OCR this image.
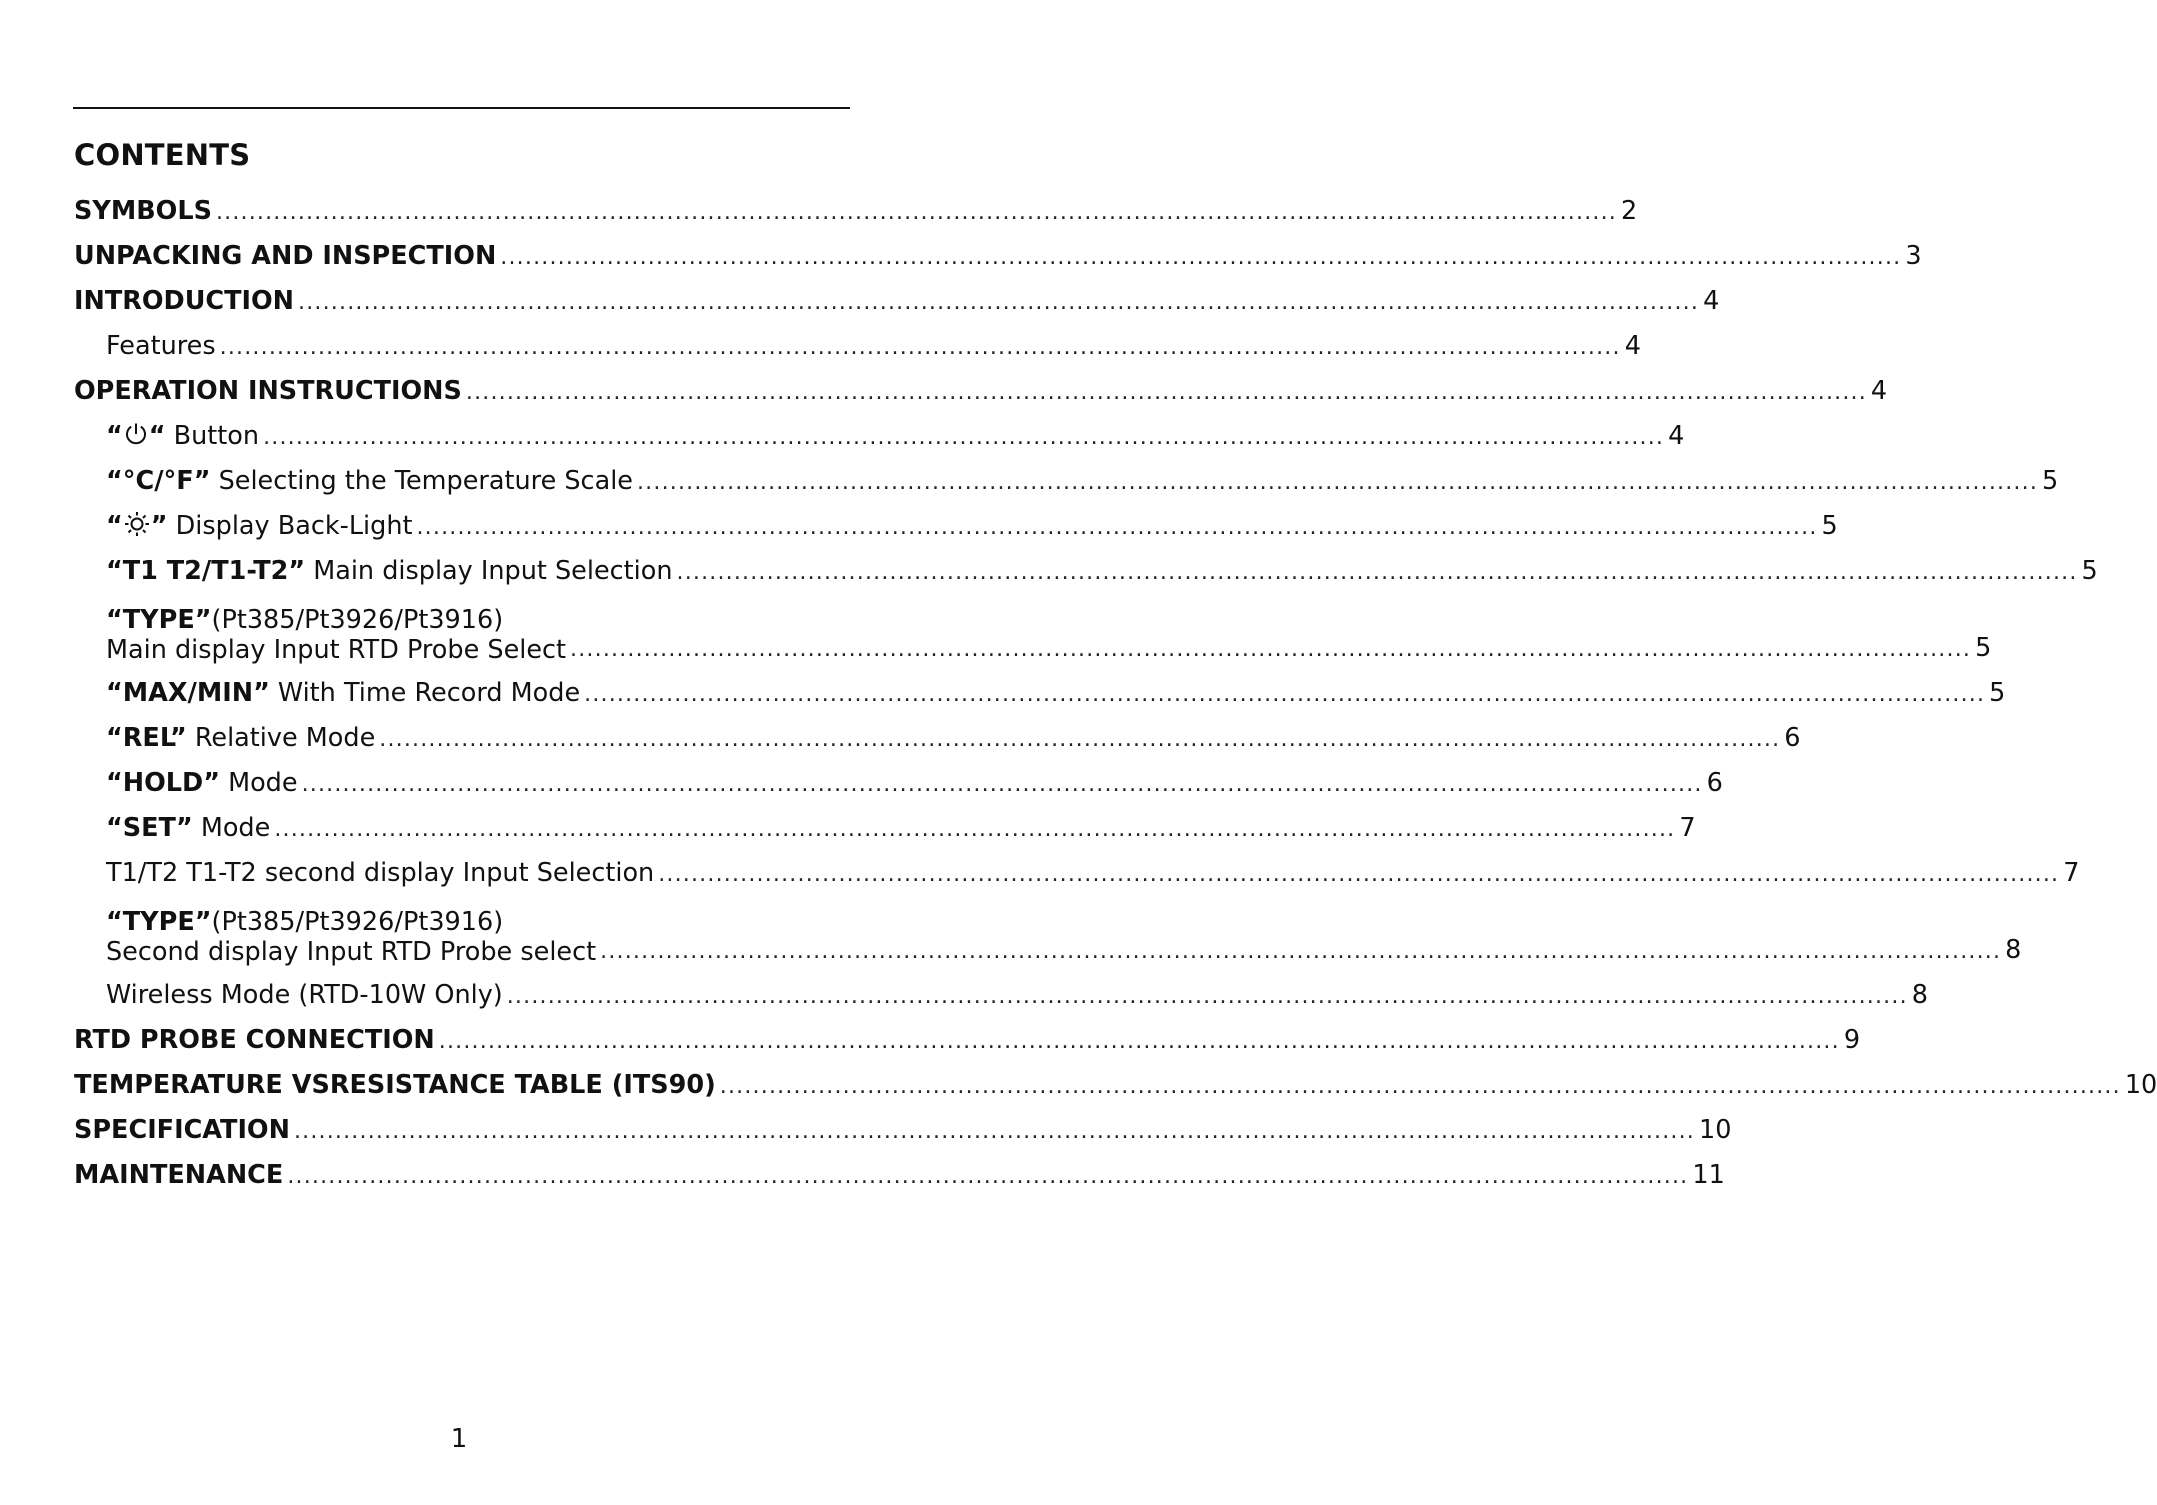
CONTENTS
SYMBOLS ........................................................................................................................................................................... 2
UNPACKING AND INSPECTION ........................................................................................................................................................................... 3
INTRODUCTION ........................................................................................................................................................................... 4
Features ........................................................................................................................................................................... 4
OPERATION INSTRUCTIONS ........................................................................................................................................................................... 4
“ “ Button ........................................................................................................................................................................... 4
“°C/°F” Selecting the Temperature Scale ........................................................................................................................................................................... 5
“ ” Display Back-Light ........................................................................................................................................................................... 5
“T1 T2/T1-T2” Main display Input Selection ........................................................................................................................................................................... 5
“TYPE”(Pt385/Pt3926/Pt3916)
Main display Input RTD Probe Select ........................................................................................................................................................................... 5
“MAX/MIN” With Time Record Mode ........................................................................................................................................................................... 5
“REL” Relative Mode ........................................................................................................................................................................... 6
“HOLD” Mode ........................................................................................................................................................................... 6
“SET” Mode ........................................................................................................................................................................... 7
T1/T2 T1-T2 second display Input Selection ........................................................................................................................................................................... 7
“TYPE”(Pt385/Pt3926/Pt3916)
Second display Input RTD Probe select ........................................................................................................................................................................... 8
Wireless Mode (RTD-10W Only) ........................................................................................................................................................................... 8
RTD PROBE CONNECTION ........................................................................................................................................................................... 9
TEMPERATURE VSRESISTANCE TABLE (ITS90) ........................................................................................................................................................................... 10
SPECIFICATION ........................................................................................................................................................................... 10
MAINTENANCE ........................................................................................................................................................................... 11
1
